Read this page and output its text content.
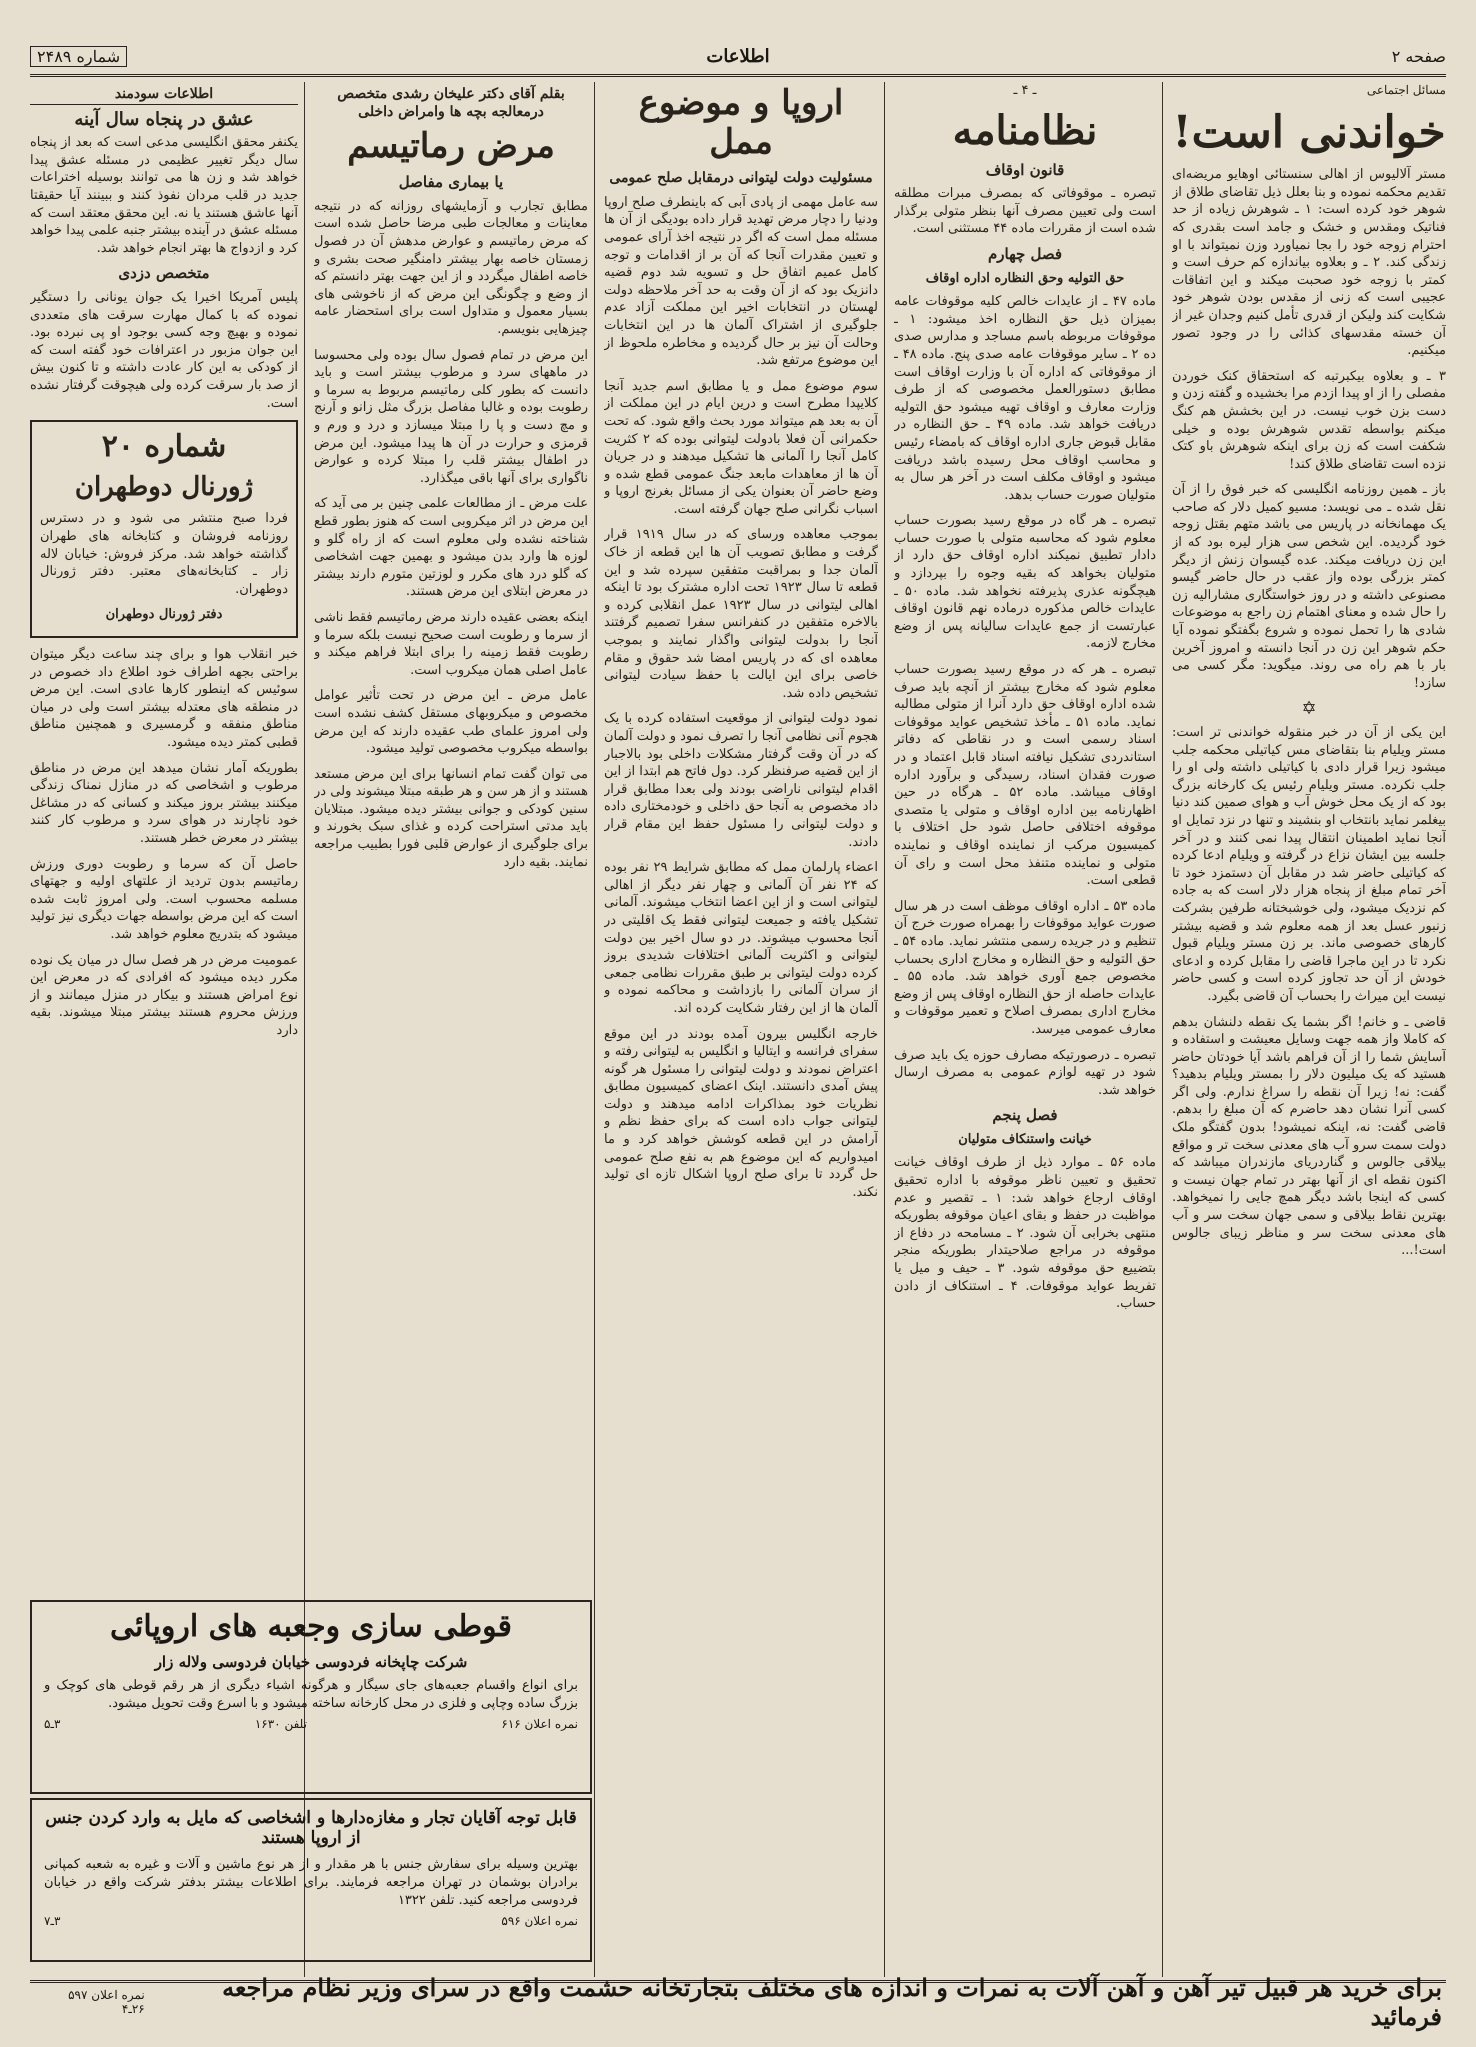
صفحه ۲
اطلاعات
شماره ۲۴۸۹

مسائل اجتماعی

خواندنی است!

مستر آلالیوس از اهالی سنستائی اوهایو مریضه‌ای تقدیم محکمه نموده و بنا بعلل ذیل تقاضای طلاق از شوهر خود کرده است: ۱ ـ شوهرش زیاده از حد فناتیک ومقدس و خشک و جامد است بقدری که احترام زوجه خود را بجا نمیاورد وزن نمیتواند با او زندگی کند. ۲ ـ و بعلاوه بیاندازه کم حرف است و کمتر با زوجه خود صحبت میکند و این اتفاقات عجیبی است که زنی از مقدس بودن شوهر خود شکایت کند ولیکن از قدری تأمل کنیم وجدان غیر از آن خسته مقدسهای کذائی را در وجود تصور میکنیم.

۳ ـ و بعلاوه بیکبرتبه که استحقاق کنک خوردن مفصلی را از او پیدا ازدم مرا بخشیده و گفته زدن و دست بزن خوب نیست. در این بخشش هم کنگ میکنم بواسطه تقدس شوهرش بوده و خیلی شکفت است که زن برای اینکه شوهرش باو کتک نزده است تقاضای طلاق کند!

باز ـ همین روزنامه انگلیسی که خبر فوق را از آن نقل شده ـ می نویسد: مسیو کمیل دلار که صاحب یک مهمانخانه در پاریس می باشد متهم بقتل زوجه خود گردیده. این شخص سی هزار لیره بود که از این زن دریافت میکند. عده گیسوان زنش از دیگر کمتر بزرگی بوده واز عقب در حال حاضر گیسو مصنوعی داشته و در روز خواستگاری مشارالیه زن را حال شده و معنای اهتمام زن راجع به موضوعات شادی ها را تحمل نموده و شروع بگفتگو نموده آیا حکم شوهر این زن در آنجا دانسته و امروز آخرین بار با هم راه می روند. میگوید: مگر کسی می سازد!

✡

این یکی از آن در خبر منقوله خواندنی تر است: مستر ویلیام بنا بتقاضای مس کیاتیلی محکمه جلب میشود زیرا قرار دادی با کیاتیلی داشته ولی او را جلب نکرده. مستر ویلیام رئیس یک کارخانه بزرگ بود که از یک محل خوش آب و هوای صمین کند دنیا بیغلمر نماید بانتخاب او بنشیند و تنها در نزد تمایل او آنجا نماید اطمینان انتقال پیدا نمی کنند و در آخر جلسه بین ایشان نزاع در گرفته و ویلیام ادعا کرده که کیاتیلی حاضر شد در مقابل آن دستمزد خود تا آخر تمام مبلغ از پنجاه هزار دلار است که به جاده کم نزدیک میشود، ولی خوشبختانه طرفین بشرکت زنبور عسل بعد از همه معلوم شد و قضیه بیشتر کارهای خصوصی ماند. بر زن مستر ویلیام قبول نکرد تا در این ماجرا قاضی را مقابل کرده و ادعای خودش از آن حد تجاوز کرده است و کسی حاضر نیست این میراث را بحساب آن قاضی بگیرد.

قاضی ـ و خانم! اگر بشما یک نقطه دلنشان بدهم که کاملا واز همه جهت وسایل معیشت و استفاده و آسایش شما را از آن فراهم باشد آیا خودتان حاضر هستید که یک میلیون دلار را بمستر ویلیام بدهید؟ گفت: نه! زیرا آن نقطه را سراغ ندارم. ولی اگر کسی آنرا نشان دهد حاضرم که آن مبلغ را بدهم. قاضی گفت: نه، اینکه نمیشود! بدون گفتگو ملک دولت سمت سرو آب های معدنی سخت تر و مواقع بیلاقی جالوس و گناردریای مازندران میباشد که اکنون نقطه ای از آنها بهتر در تمام جهان نیست و کسی که اینجا باشد دیگر همچ جایی را نمیخواهد. بهترین نقاط بیلاقی و سمی جهان سخت سر و آب های معدنی سخت سر و مناظر زیبای جالوس است!...

ـ ۴ ـ

نظامنامه
قانون اوقاف

تبصره ـ موقوفاتی که بمصرف مبرات مطلقه است ولی تعیین مصرف آنها بنظر متولی برگذار شده است از مقررات ماده ۴۴ مستثنی است.

فصل چهارم
حق التولیه وحق النظاره اداره اوقاف

ماده ۴۷ ـ از عایدات خالص کلیه موقوفات عامه بمیزان ذیل حق النظاره اخذ میشود: ۱ ـ موقوفات مربوطه باسم مساجد و مدارس صدی ده ۲ ـ سایر موقوفات عامه صدی پنج. ماده ۴۸ ـ از موقوفاتی که اداره آن با وزارت اوقاف است مطابق دستورالعمل مخصوصی که از طرف وزارت معارف و اوقاف تهیه میشود حق التولیه دریافت خواهد شد. ماده ۴۹ ـ حق النظاره در مقابل قبوض جاری اداره اوقاف که بامضاء رئیس و محاسب اوقاف محل رسیده باشد دریافت میشود و اوقاف مکلف است در آخر هر سال به متولیان صورت حساب بدهد.

تبصره ـ هر گاه در موقع رسید بصورت حساب معلوم شود که محاسبه متولی با صورت حساب دادار تطبیق نمیکند اداره اوقاف حق دارد از متولیان بخواهد که بقیه وجوه را بپردازد و هیچگونه عذری پذیرفته نخواهد شد. ماده ۵۰ ـ عایدات خالص مذکوره درماده نهم قانون اوقاف عبارتست از جمع عایدات سالیانه پس از وضع مخارج لازمه.

تبصره ـ هر که در موقع رسید بصورت حساب معلوم شود که مخارج بیشتر از آنچه باید صرف شده اداره اوقاف حق دارد آنرا از متولی مطالبه نماید. ماده ۵۱ ـ مأخذ تشخیص عواید موقوفات اسناد رسمی است و در نقاطی که دفاتر استاندردی تشکیل نیافته اسناد قابل اعتماد و در صورت فقدان اسناد، رسیدگی و برآورد اداره اوقاف میباشد. ماده ۵۲ ـ هرگاه در حین اظهارنامه بین اداره اوقاف و متولی یا متصدی موقوفه اختلافی حاصل شود حل اختلاف با کمیسیون مرکب از نماینده اوقاف و نماینده متولی و نماینده متنفذ محل است و رای آن قطعی است.

ماده ۵۳ ـ اداره اوقاف موظف است در هر سال صورت عواید موقوفات را بهمراه صورت خرج آن تنظیم و در جریده رسمی منتشر نماید. ماده ۵۴ ـ حق التولیه و حق النظاره و مخارج اداری بحساب مخصوص جمع آوری خواهد شد. ماده ۵۵ ـ عایدات حاصله از حق النظاره اوقاف پس از وضع مخارج اداری بمصرف اصلاح و تعمیر موقوفات و معارف عمومی میرسد.

تبصره ـ درصورتیکه مصارف حوزه یک باید صرف شود در تهیه لوازم عمومی به مصرف ارسال خواهد شد.

فصل پنجم
خیانت واستنکاف متولیان

ماده ۵۶ ـ موارد ذیل از طرف اوقاف خیانت تحقیق و تعیین ناظر موقوفه با اداره تحقیق اوقاف ارجاع خواهد شد: ۱ ـ تقصیر و عدم مواظبت در حفظ و بقای اعیان موقوفه بطوریکه منتهی بخرابی آن شود. ۲ ـ مسامحه در دفاع از موقوفه در مراجع صلاحیتدار بطوریکه منجر بتضییع حق موقوفه شود. ۳ ـ حیف و میل یا تفریط عواید موقوفات. ۴ ـ استنکاف از دادن حساب.

اروپا و موضوع ممل
مسئولیت دولت لیتوانی درمقابل صلح عمومی

سه عامل مهمی از پادی آبی که باینطرف صلح اروپا ودنیا را دچار مرض تهدید قرار داده بودیگی از آن ها مسئله ممل است که اگر در نتیجه اخذ آرای عمومی و تعیین مقدرات آنجا که آن بر از اقدامات و توجه کامل عمیم اتفاق حل و تسویه شد دوم قضیه دانزیک بود که از آن وقت به حد آخر ملاحظه دولت لهستان در انتخابات اخیر این مملکت آزاد عدم جلوگیری از اشتراک آلمان ها در این انتخابات وحالت آن نیز بر حال گردیده و مخاطره ملحوظ از این موضوع مرتفع شد.

سوم موضوع ممل و یا مطابق اسم جدید آنجا کلایپدا مطرح است و درین ایام در این مملکت از آن به بعد هم میتواند مورد بحث واقع شود. که تحت حکمرانی آن فعلا بادولت لیتوانی بوده که ۲ کثریت کامل آنجا را آلمانی ها تشکیل میدهند و در جریان آن ها از معاهدات مابعد جنگ عمومی قطع شده و وضع حاضر آن بعنوان یکی از مسائل بغرنج اروپا و اسباب نگرانی صلح جهان گرفته است.

بموجب معاهده ورسای که در سال ۱۹۱۹ قرار گرفت و مطابق تصویب آن ها این قطعه از خاک آلمان جدا و بمراقبت متفقین سپرده شد و این قطعه تا سال ۱۹۲۳ تحت اداره مشترک بود تا اینکه اهالی لیتوانی در سال ۱۹۲۳ عمل انقلابی کرده و بالاخره متفقین در کنفرانس سفرا تصمیم گرفتند آنجا را بدولت لیتوانی واگذار نمایند و بموجب معاهده ای که در پاریس امضا شد حقوق و مقام خاصی برای این ایالت با حفظ سیادت لیتوانی تشخیص داده شد.

نمود دولت لیتوانی از موقعیت استفاده کرده با یک هجوم آنی نظامی آنجا را تصرف نمود و دولت آلمان که در آن وقت گرفتار مشکلات داخلی بود بالاجبار از این قضیه صرفنظر کرد. دول فاتح هم ابتدا از این اقدام لیتوانی ناراضی بودند ولی بعدا مطابق قرار داد مخصوص به آنجا حق داخلی و خودمختاری داده و دولت لیتوانی را مسئول حفظ این مقام قرار دادند.

اعضاء پارلمان ممل که مطابق شرایط ۲۹ نفر بوده که ۲۴ نفر آن آلمانی و چهار نفر دیگر از اهالی لیتوانی است و از این اعضا انتخاب میشوند. آلمانی تشکیل یافته و جمیعت لیتوانی فقط یک اقلیتی در آنجا محسوب میشوند. در دو سال اخیر بین دولت لیتوانی و اکثریت آلمانی اختلافات شدیدی بروز کرده دولت لیتوانی بر طبق مقررات نظامی جمعی از سران آلمانی را بازداشت و محاکمه نموده و آلمان ها از این رفتار شکایت کرده اند.

خارجه انگلیس بیرون آمده بودند در این موقع سفرای فرانسه و ایتالیا و انگلیس به لیتوانی رفته و اعتراض نمودند و دولت لیتوانی را مسئول هر گونه پیش آمدی دانستند. اینک اعضای کمیسیون مطابق نظریات خود بمذاکرات ادامه میدهند و دولت لیتوانی جواب داده است که برای حفظ نظم و آرامش در این قطعه کوشش خواهد کرد و ما امیدواریم که این موضوع هم به نفع صلح عمومی حل گردد تا برای صلح اروپا اشکال تازه ای تولید نکند.

بقلم آقای دکتر علیخان رشدی متخصص درمعالجه بچه ها وامراض داخلی
مرض رماتیسم
یا بیماری مفاصل

مطابق تجارب و آزمایشهای روزانه که در نتیجه معاینات و معالجات طبی مرضا حاصل شده است که مرض رماتیسم و عوارض مدهش آن در فصول زمستان خاصه بهار بیشتر دامنگیر صحت بشری و خاصه اطفال میگردد و از این جهت بهتر دانستم که از وضع و چگونگی این مرض که از ناخوشی های بسیار معمول و متداول است برای استحضار عامه چیزهایی بنویسم.

این مرض در تمام فصول سال بوده ولی محسوسا در ماههای سرد و مرطوب بیشتر است و باید دانست که بطور کلی رماتیسم مربوط به سرما و رطوبت بوده و غالبا مفاصل بزرگ مثل زانو و آرنج و مچ دست و پا را مبتلا میسازد و درد و ورم و قرمزی و حرارت در آن ها پیدا میشود. این مرض در اطفال بیشتر قلب را مبتلا کرده و عوارض ناگواری برای آنها باقی میگذارد.

علت مرض ـ از مطالعات علمی چنین بر می آید که این مرض در اثر میکروبی است که هنوز بطور قطع شناخته نشده ولی معلوم است که از راه گلو و لوزه ها وارد بدن میشود و بهمین جهت اشخاصی که گلو درد های مکرر و لوزتین متورم دارند بیشتر در معرض ابتلای این مرض هستند.

اینکه بعضی عقیده دارند مرض رماتیسم فقط ناشی از سرما و رطوبت است صحیح نیست بلکه سرما و رطوبت فقط زمینه را برای ابتلا فراهم میکند و عامل اصلی همان میکروب است.

عامل مرض ـ این مرض در تحت تأثیر عوامل مخصوص و میکروبهای مستقل کشف نشده است ولی امروز علمای طب عقیده دارند که این مرض بواسطه میکروب مخصوصی تولید میشود.

می توان گفت تمام انسانها برای این مرض مستعد هستند و از هر سن و هر طبقه مبتلا میشوند ولی در سنین کودکی و جوانی بیشتر دیده میشود. مبتلایان باید مدتی استراحت کرده و غذای سبک بخورند و برای جلوگیری از عوارض قلبی فورا بطبیب مراجعه نمایند. بقیه دارد

اطلاعات سودمند
عشق در پنجاه سال آینه

یکنفر محقق انگلیسی مدعی است که بعد از پنجاه سال دیگر تغییر عظیمی در مسئله عشق پیدا خواهد شد و زن ها می توانند بوسیله اختراعات جدید در قلب مردان نفوذ کنند و ببینند آیا حقیقتا آنها عاشق هستند یا نه. این محقق معتقد است که مسئله عشق در آینده بیشتر جنبه علمی پیدا خواهد کرد و ازدواج ها بهتر انجام خواهد شد.

متخصص دزدی

پلیس آمریکا اخیرا یک جوان یونانی را دستگیر نموده که با کمال مهارت سرقت های متعددی نموده و بهیچ وجه کسی بوجود او پی نبرده بود. این جوان مزبور در اعترافات خود گفته است که از کودکی به این کار عادت داشته و تا کنون بیش از صد بار سرقت کرده ولی هیچوقت گرفتار نشده است.

شماره ۲۰
ژورنال دوطهران

فردا صبح منتشر می شود و در دسترس روزنامه فروشان و کتابخانه های طهران گذاشته خواهد شد. مرکز فروش: خیابان لاله زار ـ کتابخانه‌های معتبر. دفتر ژورنال دوطهران.

دفتر ژورنال دوطهران

خبر انقلاب هوا و برای چند ساعت دیگر میتوان براحتی بجهه اطراف خود اطلاع داد خصوص در سوئیس که اینطور کارها عادی است. این مرض در منطقه های معتدله بیشتر است ولی در میان مناطق منفقه و گرمسیری و همچنین مناطق قطبی کمتر دیده میشود.

بطوریکه آمار نشان میدهد این مرض در مناطق مرطوب و اشخاصی که در منازل نمناک زندگی میکنند بیشتر بروز میکند و کسانی که در مشاغل خود ناچارند در هوای سرد و مرطوب کار کنند بیشتر در معرض خطر هستند.

حاصل آن که سرما و رطوبت دوری ورزش رماتیسم بدون تردید از علتهای اولیه و جهتهای مسلمه محسوب است. ولی امروز ثابت شده است که این مرض بواسطه جهات دیگری نیز تولید میشود که بتدریج معلوم خواهد شد.

عمومیت مرض در هر فصل سال در میان یک نوده مکرر دیده میشود که افرادی که در معرض این نوع امراض هستند و بیکار در منزل میمانند و از ورزش محروم هستند بیشتر مبتلا میشوند. بقیه دارد

قوطی سازی وجعبه های اروپائی
شرکت چاپخانه فردوسی خیابان فردوسی ولاله زار

برای انواع واقسام جعبه‌های جای سیگار و هرگونه اشیاء دیگری از هر رقم قوطی های کوچک و بزرگ ساده وچاپی و فلزی در محل کارخانه ساخته میشود و با اسرع وقت تحویل میشود.

نمره اعلان ۶۱۶
تلفن ۱۶۳۰
۳ـ۵
قابل توجه آقایان تجار و مغازه‌دارها و اشخاصی که مایل به وارد کردن جنس از اروپا هستند

بهترین وسیله برای سفارش جنس با هر مقدار و از هر نوع ماشین و آلات و غیره به شعبه کمپانی برادران بوشمان در تهران مراجعه فرمایند. برای اطلاعات بیشتر بدفتر شرکت واقع در خیابان فردوسی مراجعه کنید. تلفن ۱۳۲۲

نمره اعلان ۵۹۶
۳ـ۷
برای خرید هر قبیل تیر آهن و آهن آلات به نمرات و اندازه های مختلف بتجارتخانه حشمت واقع در سرای وزیر نظام مراجعه فرمائید
نمره اعلان ۵۹۷   ۲۶ـ۴
